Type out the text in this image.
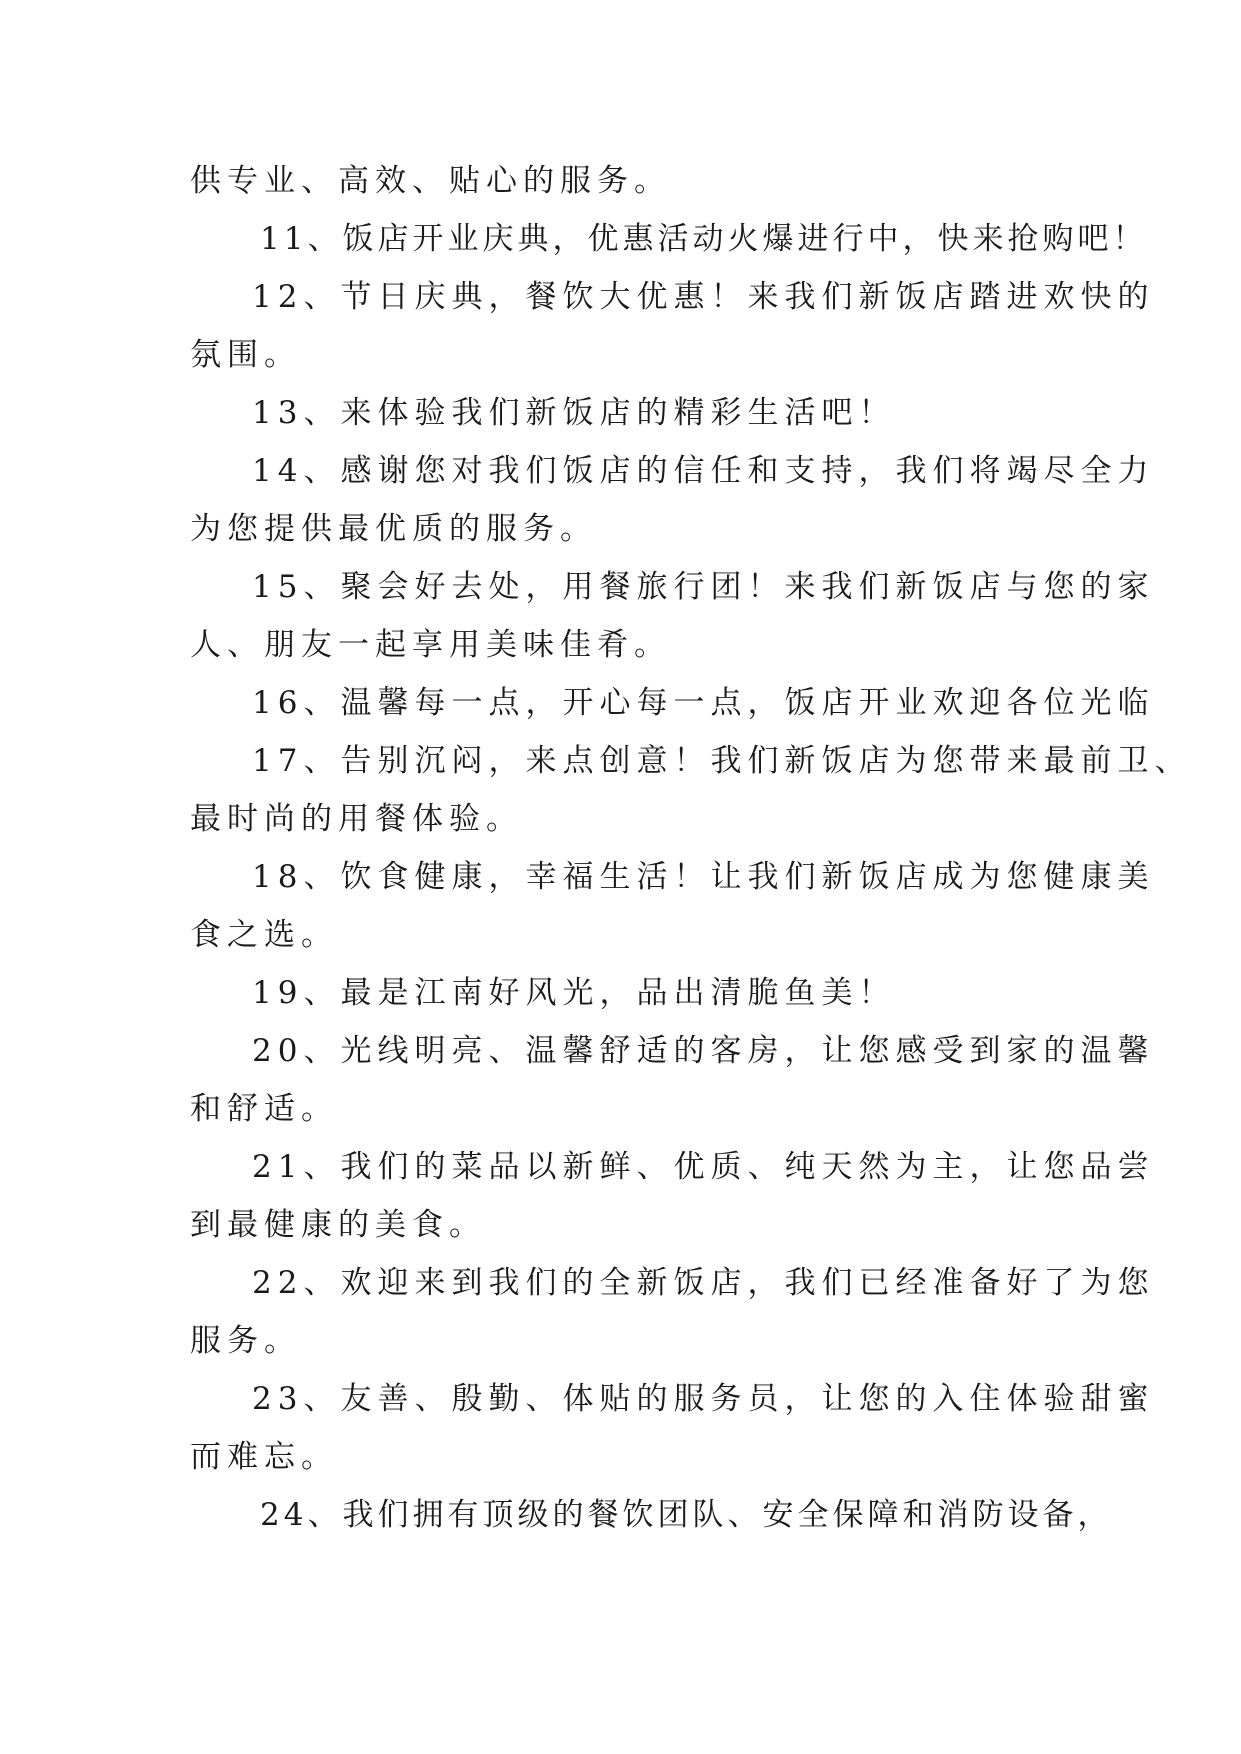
供专业、高效、贴心的服务。
11、饭店开业庆典，优惠活动火爆进行中，快来抢购吧！
12、节日庆典，餐饮大优惠！来我们新饭店踏进欢快的
氛围。
13、来体验我们新饭店的精彩生活吧！
14、感谢您对我们饭店的信任和支持，我们将竭尽全力
为您提供最优质的服务。
15、聚会好去处，用餐旅行团！来我们新饭店与您的家
人、朋友一起享用美味佳肴。
16、温馨每一点，开心每一点，饭店开业欢迎各位光临
17、告别沉闷，来点创意！我们新饭店为您带来最前卫、
最时尚的用餐体验。
18、饮食健康，幸福生活！让我们新饭店成为您健康美
食之选。
19、最是江南好风光，品出清脆鱼美！
20、光线明亮、温馨舒适的客房，让您感受到家的温馨
和舒适。
21、我们的菜品以新鲜、优质、纯天然为主，让您品尝
到最健康的美食。
22、欢迎来到我们的全新饭店，我们已经准备好了为您
服务。
23、友善、殷勤、体贴的服务员，让您的入住体验甜蜜
而难忘。
24、我们拥有顶级的餐饮团队、安全保障和消防设备，
